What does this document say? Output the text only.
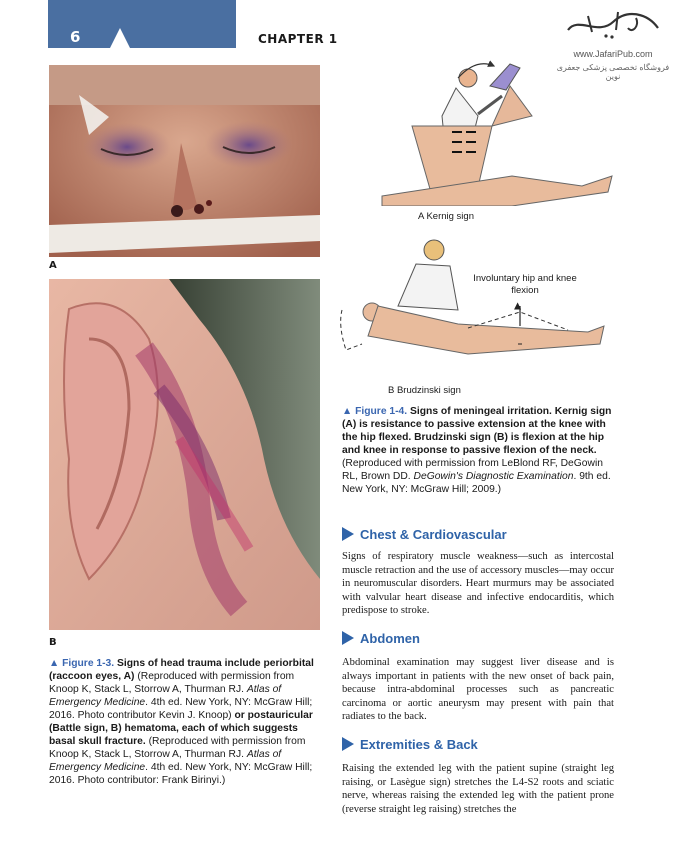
6	CHAPTER 1
www.JafariPub.com
فروشگاه تخصصی پزشکی جعفری نوین
A
B
▲ Figure 1-3. Signs of head trauma include periorbital (raccoon eyes, A) (Reproduced with permission from Knoop K, Stack L, Storrow A, Thurman RJ. Atlas of Emergency Medicine. 4th ed. New York, NY: McGraw Hill; 2016. Photo contributor Kevin J. Knoop) or postauricular (Battle sign, B) hematoma, each of which suggests basal skull fracture. (Reproduced with permission from Knoop K, Stack L, Storrow A, Thurman RJ. Atlas of Emergency Medicine. 4th ed. New York, NY: McGraw Hill; 2016. Photo contributor: Frank Birinyi.)
A Kernig sign
Involuntary hip and knee flexion
B Brudzinski sign
▲ Figure 1-4. Signs of meningeal irritation. Kernig sign (A) is resistance to passive extension at the knee with the hip flexed. Brudzinski sign (B) is flexion at the hip and knee in response to passive flexion of the neck. (Reproduced with permission from LeBlond RF, DeGowin RL, Brown DD. DeGowin's Diagnostic Examination. 9th ed. New York, NY: McGraw Hill; 2009.)
Chest & Cardiovascular
Signs of respiratory muscle weakness—such as intercostal muscle retraction and the use of accessory muscles—may occur in neuromuscular disorders. Heart murmurs may be associated with valvular heart disease and infective endocarditis, which predispose to stroke.
Abdomen
Abdominal examination may suggest liver disease and is always important in patients with the new onset of back pain, because intra-abdominal processes such as pancreatic carcinoma or aortic aneurysm may present with pain that radiates to the back.
Extremities & Back
Raising the extended leg with the patient supine (straight leg raising, or Lasègue sign) stretches the L4-S2 roots and sciatic nerve, whereas raising the extended leg with the patient prone (reverse straight leg raising) stretches the
